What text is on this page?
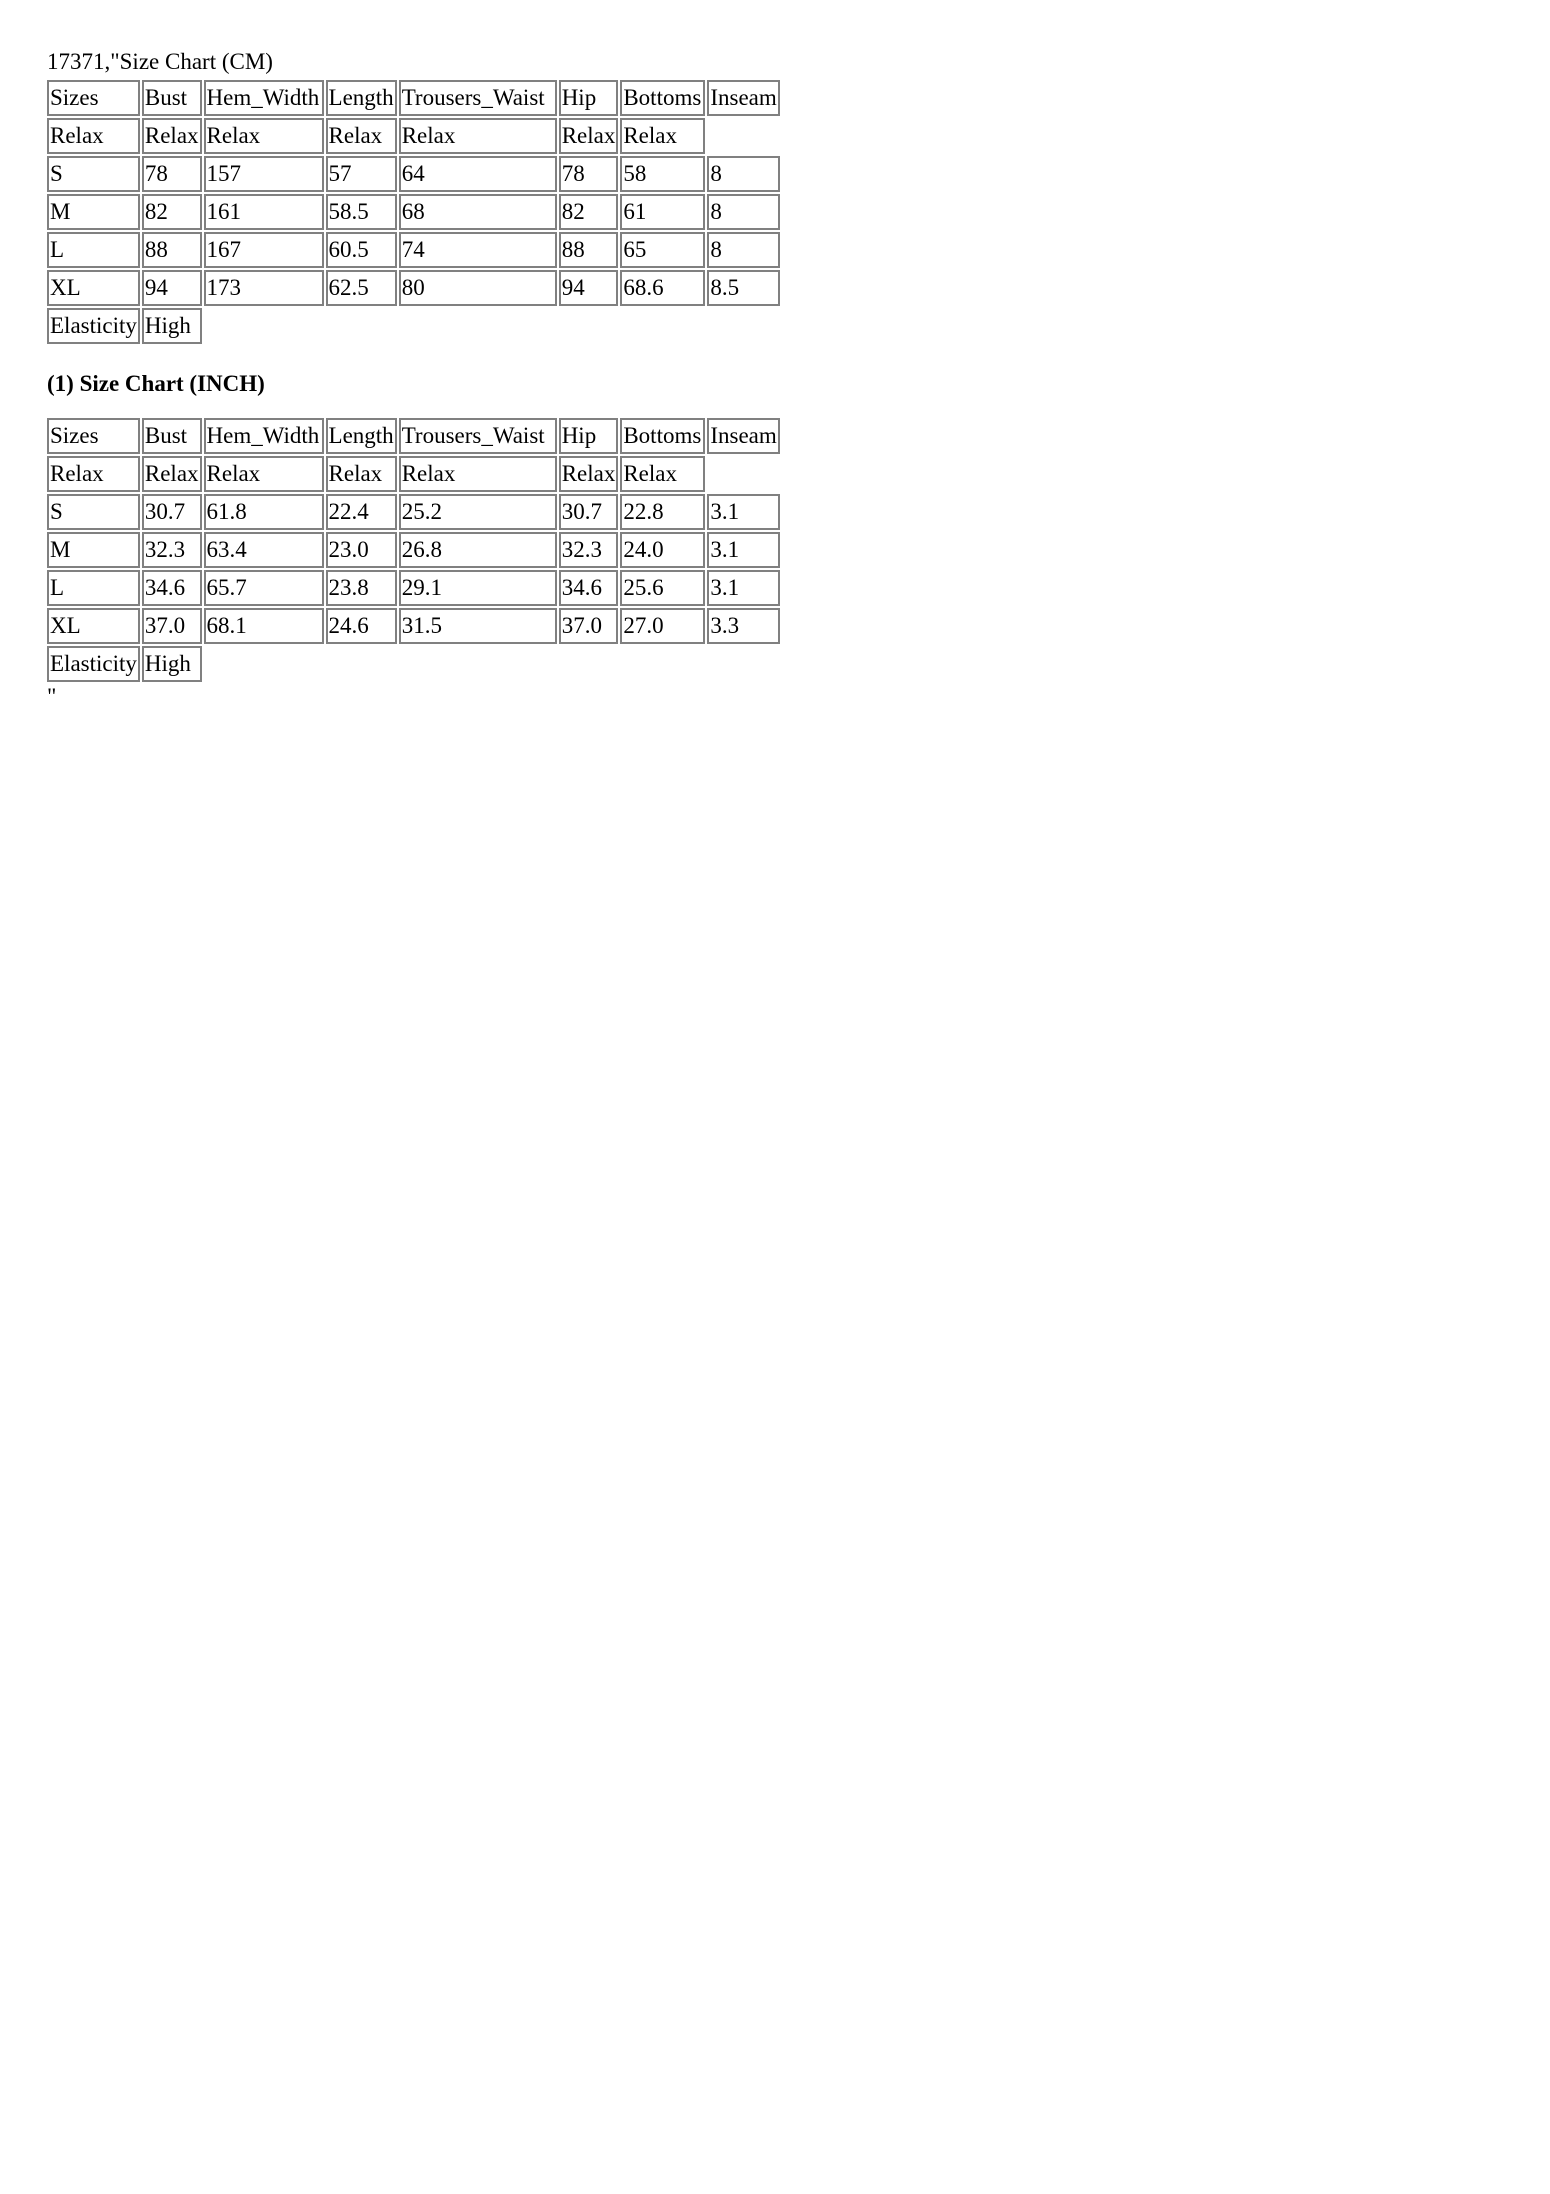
17371,"Size Chart (CM)
Sizes	Bust	Hem_Width	Length	Trousers_Waist	Hip	Bottoms	Inseam
Relax	Relax	Relax	Relax	Relax	Relax	Relax	
S	78	157	57	64	78	58	8
M	82	161	58.5	68	82	61	8
L	88	167	60.5	74	88	65	8
XL	94	173	62.5	80	94	68.6	8.5
Elasticity	High						
(1) Size Chart (INCH)
Sizes	Bust	Hem_Width	Length	Trousers_Waist	Hip	Bottoms	Inseam
Relax	Relax	Relax	Relax	Relax	Relax	Relax	
S	30.7	61.8	22.4	25.2	30.7	22.8	3.1
M	32.3	63.4	23.0	26.8	32.3	24.0	3.1
L	34.6	65.7	23.8	29.1	34.6	25.6	3.1
XL	37.0	68.1	24.6	31.5	37.0	27.0	3.3
Elasticity	High						
"
